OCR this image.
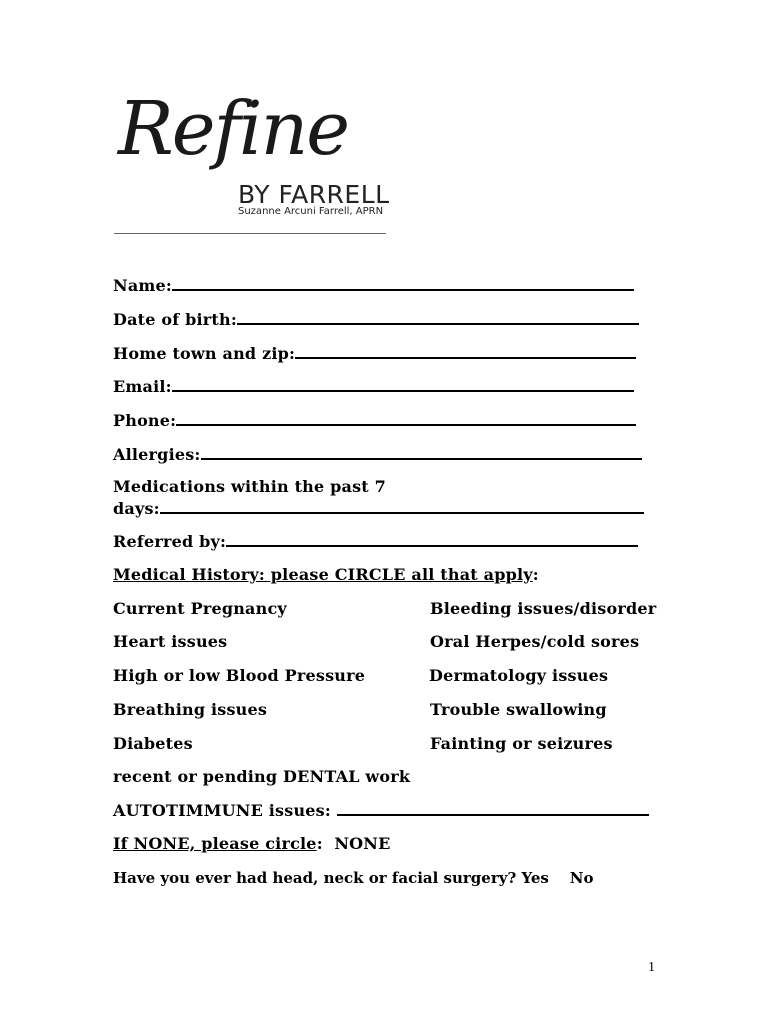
Refine
BY FARRELL
Suzanne Arcuni Farrell, APRN
Name:
Date of birth:
Home town and zip:
Email:
Phone:
Allergies:
Medications within the past 7
days:
Referred by:
Medical History: please CIRCLE all that apply:
Current Pregnancy
Heart issues
High or low Blood Pressure
Breathing issues
Diabetes
Bleeding issues/disorder
Oral Herpes/cold sores
Dermatology issues
Trouble swallowing
Fainting or seizures
recent or pending DENTAL work
AUTOTIMMUNE issues:
If NONE, please circle: NONE
Have you ever had head, neck or facial surgery? Yes No
1
